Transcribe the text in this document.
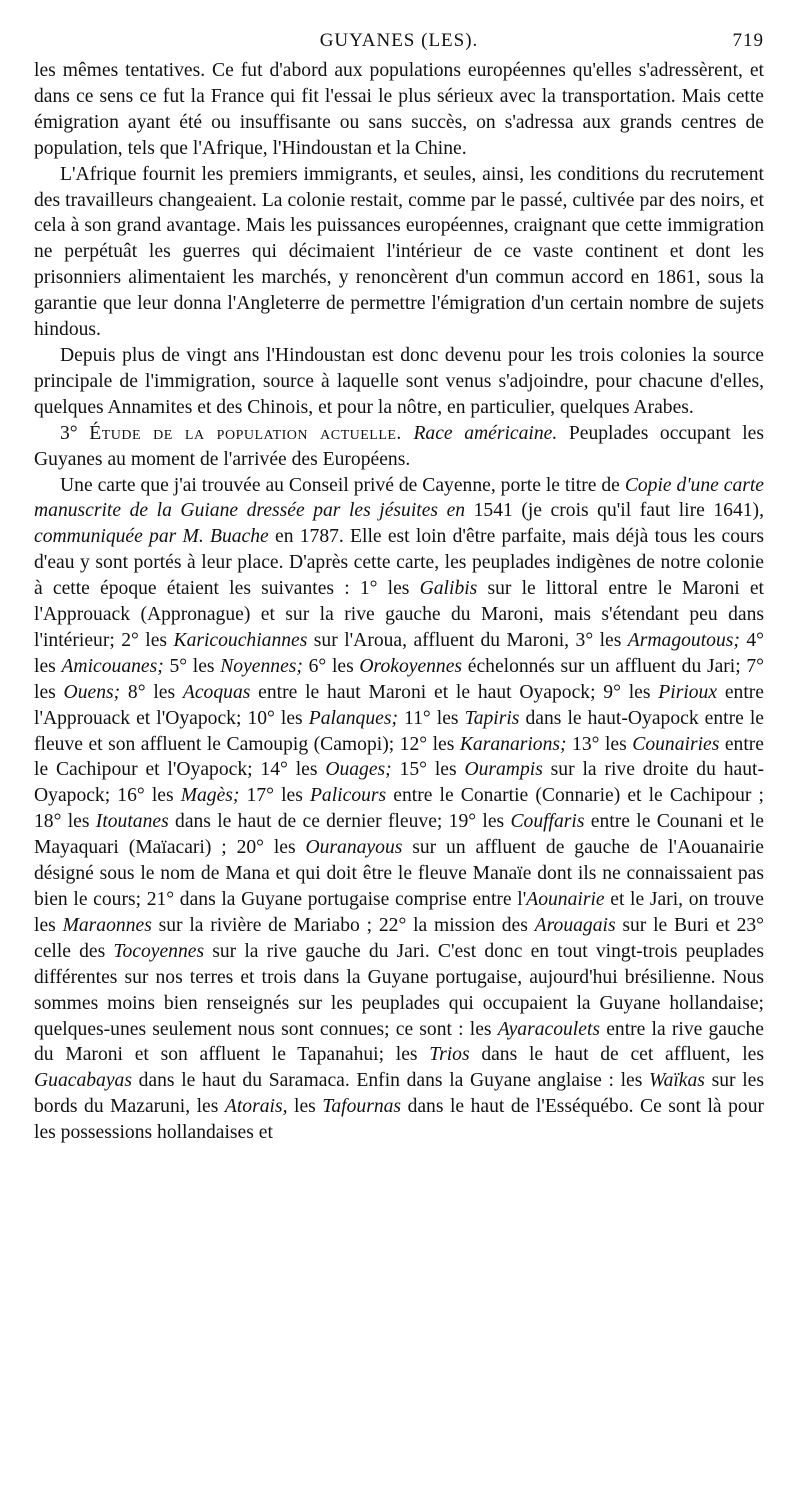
GUYANES (LES).	719

les mêmes tentatives. Ce fut d'abord aux populations européennes qu'elles s'adressèrent, et dans ce sens ce fut la France qui fit l'essai le plus sérieux avec la transportation. Mais cette émigration ayant été ou insuffisante ou sans succès, on s'adressa aux grands centres de population, tels que l'Afrique, l'Hindoustan et la Chine.

L'Afrique fournit les premiers immigrants, et seules, ainsi, les conditions du recrutement des travailleurs changeaient. La colonie restait, comme par le passé, cultivée par des noirs, et cela à son grand avantage. Mais les puissances européennes, craignant que cette immigration ne perpétuât les guerres qui décimaient l'intérieur de ce vaste continent et dont les prisonniers alimentaient les marchés, y renoncèrent d'un commun accord en 1861, sous la garantie que leur donna l'Angleterre de permettre l'émigration d'un certain nombre de sujets hindous.

Depuis plus de vingt ans l'Hindoustan est donc devenu pour les trois colonies la source principale de l'immigration, source à laquelle sont venus s'adjoindre, pour chacune d'elles, quelques Annamites et des Chinois, et pour la nôtre, en particulier, quelques Arabes.

3° Étude de la population actuelle. Race américaine. Peuplades occupant les Guyanes au moment de l'arrivée des Européens.

Une carte que j'ai trouvée au Conseil privé de Cayenne, porte le titre de Copie d'une carte manuscrite de la Guiane dressée par les jésuites en 1541 (je crois qu'il faut lire 1641), communiquée par M. Buache en 1787. Elle est loin d'être parfaite, mais déjà tous les cours d'eau y sont portés à leur place. D'après cette carte, les peuplades indigènes de notre colonie à cette époque étaient les suivantes : 1° les Galibis sur le littoral entre le Maroni et l'Approuack (Appronague) et sur la rive gauche du Maroni, mais s'étendant peu dans l'intérieur; 2° les Karicouchiannes sur l'Aroua, affluent du Maroni, 3° les Armagoutous; 4° les Amicouanes; 5° les Noyennes; 6° les Orokoyennes échelonnés sur un affluent du Jari; 7° les Ouens; 8° les Acoquas entre le haut Maroni et le haut Oyapock; 9° les Pirioux entre l'Approuack et l'Oyapock; 10° les Palanques; 11° les Tapiris dans le haut-Oyapock entre le fleuve et son affluent le Camoupig (Camopi); 12° les Karanarions; 13° les Counairies entre le Cachipour et l'Oyapock; 14° les Ouages; 15° les Ourampis sur la rive droite du haut-Oyapock; 16° les Magès; 17° les Palicours entre le Conartie (Connarie) et le Cachipour ; 18° les Itoutanes dans le haut de ce dernier fleuve; 19° les Couffaris entre le Counani et le Mayaquari (Maïacari) ; 20° les Ouranayous sur un affluent de gauche de l'Aouanairie désigné sous le nom de Mana et qui doit être le fleuve Manaïe dont ils ne connaissaient pas bien le cours; 21° dans la Guyane portugaise comprise entre l'Aounairie et le Jari, on trouve les Maraonnes sur la rivière de Mariabo ; 22° la mission des Arouagais sur le Buri et 23° celle des Tocoyennes sur la rive gauche du Jari. C'est donc en tout vingt-trois peuplades différentes sur nos terres et trois dans la Guyane portugaise, aujourd'hui brésilienne. Nous sommes moins bien renseignés sur les peuplades qui occupaient la Guyane hollandaise; quelques-unes seulement nous sont connues; ce sont : les Ayaracoulets entre la rive gauche du Maroni et son affluent le Tapanahui; les Trios dans le haut de cet affluent, les Guacabayas dans le haut du Saramaca. Enfin dans la Guyane anglaise : les Waïkas sur les bords du Mazaruni, les Atorais, les Tafournas dans le haut de l'Esséquébo. Ce sont là pour les possessions hollandaises et
